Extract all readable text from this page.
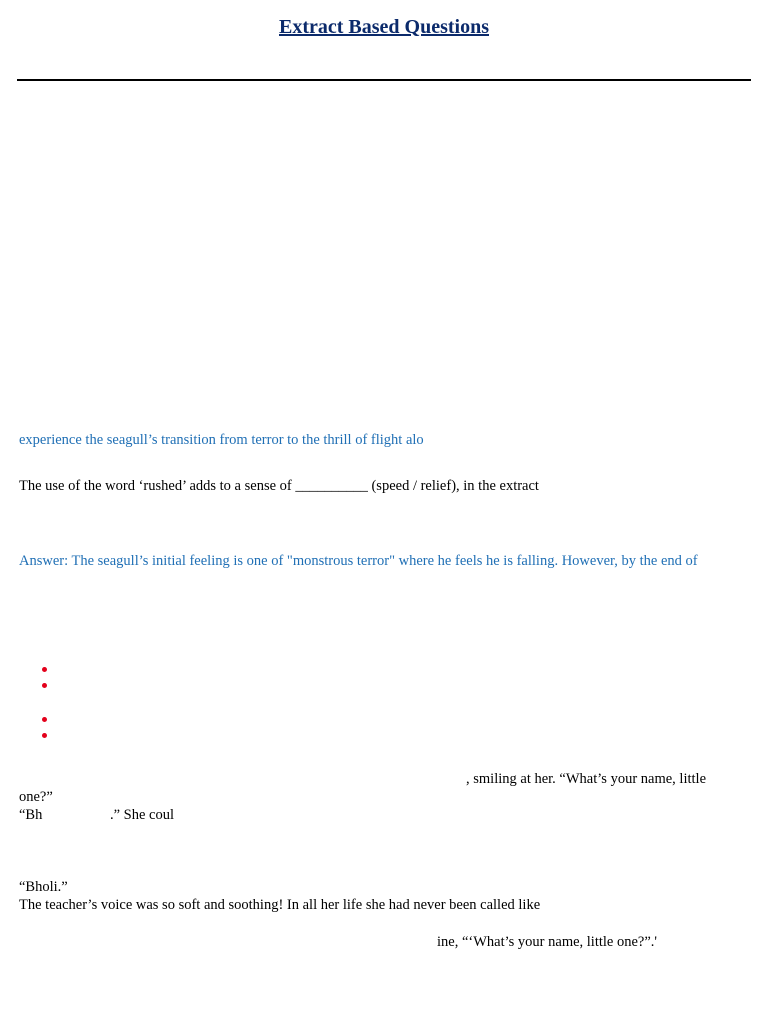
Extract Based Questions
experience the seagull’s transition from terror to the thrill of flight alo
The use of the word ‘rushed’ adds to a sense of __________ (speed / relief), in the extract
Answer: The seagull’s initial feeling is one of "monstrous terror" where he feels he is falling. However, by the end of
, smiling at her. “What’s your name, little
one?”
“Bh	.” She coul
“Bholi.”
The teacher’s voice was so soft and soothing! In all her life she had never been called like
ine, “‘What’s your name, little one?”.'
